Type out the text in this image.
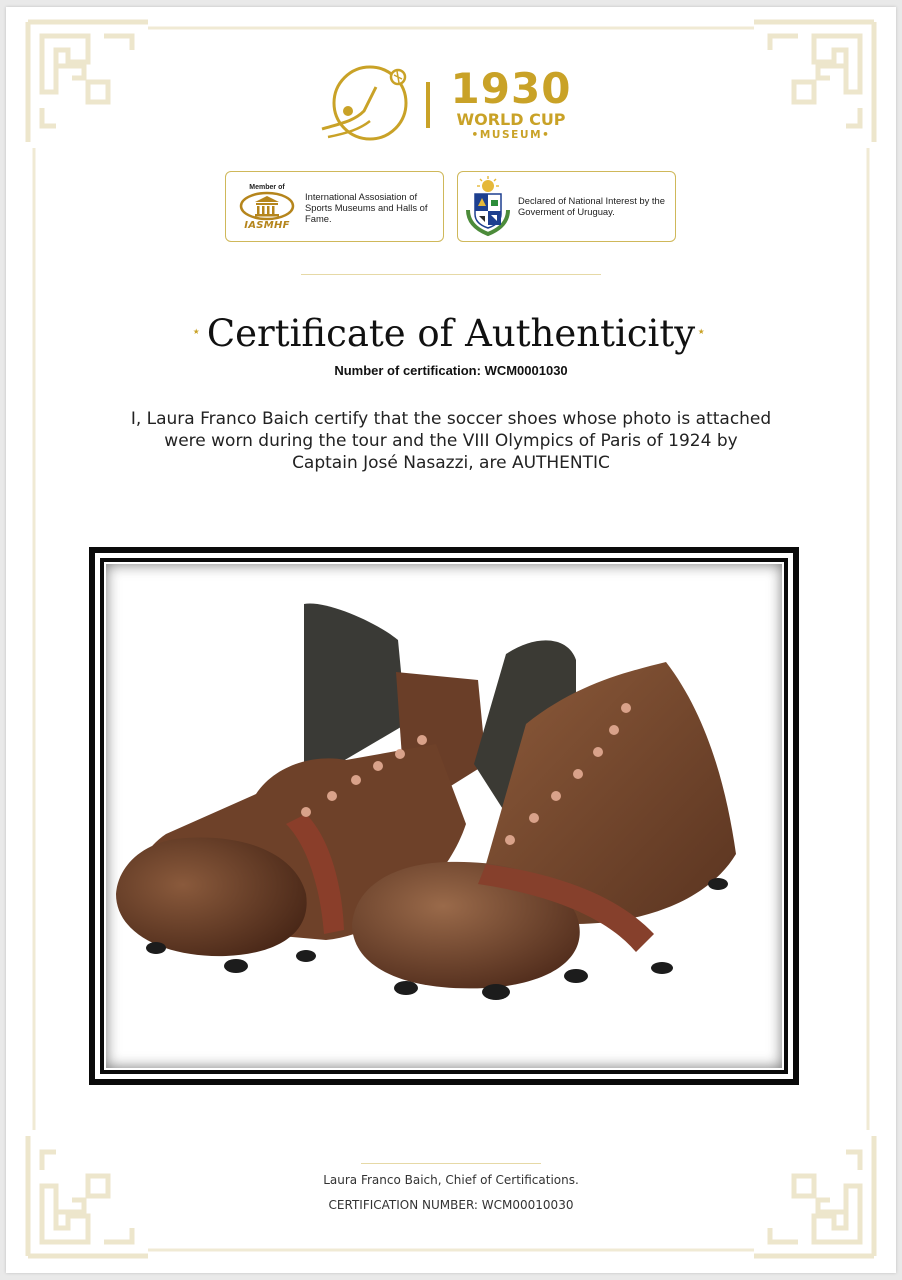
1930
WORLD CUP
•MUSEUM•
Member of
IASMHF
International Assosiation of Sports Museums and Halls of Fame.
Declared of National Interest by the Goverment of Uruguay.
⭑ Certificate of Authenticity ⭑
Number of certification: WCM0001030
I, Laura Franco Baich certify that the soccer shoes whose photo is attached were worn during the tour and the VIII Olympics of Paris of 1924 by Captain José Nasazzi, are AUTHENTIC
Laura Franco Baich, Chief of Certifications.
CERTIFICATION NUMBER: WCM00010030
